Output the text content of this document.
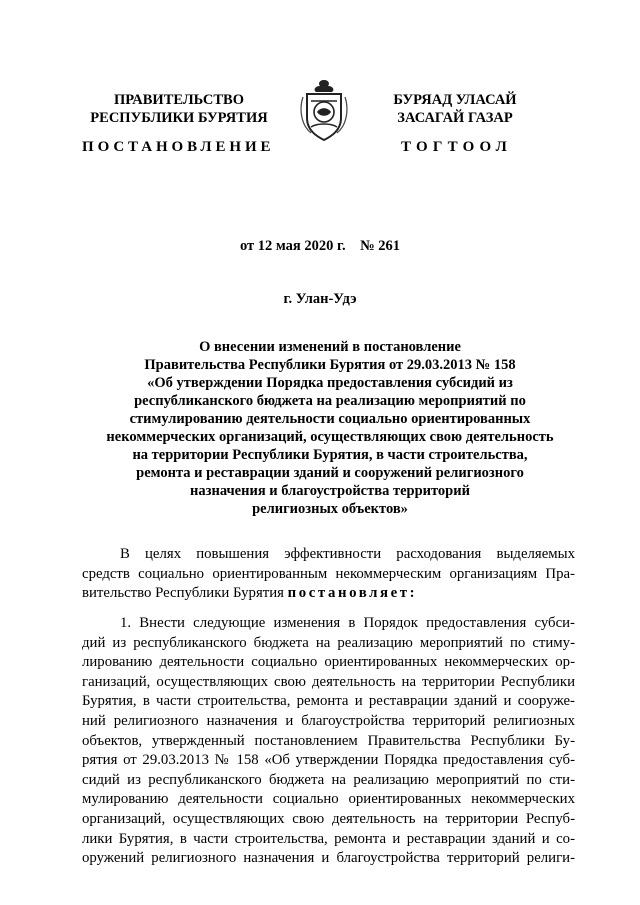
ПРАВИТЕЛЬСТВО
РЕСПУБЛИКИ БУРЯТИЯ
БУРЯАД УЛАСАЙ
ЗАСАГАЙ ГАЗАР
ПОСТАНОВЛЕНИЕ	ТОГТООЛ
от 12 мая 2020 г.    № 261
г. Улан-Удэ
О внесении изменений в постановление
Правительства Республики Бурятия от 29.03.2013 № 158
«Об утверждении Порядка предоставления субсидий из
республиканского бюджета на реализацию мероприятий по
стимулированию деятельности социально ориентированных
некоммерческих организаций, осуществляющих свою деятельность
на территории Республики Бурятия, в части строительства,
ремонта и реставрации зданий и сооружений религиозного
назначения и благоустройства территорий
религиозных объектов»
В целях повышения эффективности расходования выделяемых
средств социально ориентированным некоммерческим организациям Пра-
вительство Республики Бурятия постановляет:
1. Внести следующие изменения в Порядок предоставления субси-
дий из республиканского бюджета на реализацию мероприятий по стиму-
лированию деятельности социально ориентированных некоммерческих ор-
ганизаций, осуществляющих свою деятельность на территории Республики
Бурятия, в части строительства, ремонта и реставрации зданий и сооруже-
ний религиозного назначения и благоустройства территорий религиозных
объектов, утвержденный постановлением Правительства Республики Бу-
рятия от 29.03.2013 № 158 «Об утверждении Порядка предоставления суб-
сидий из республиканского бюджета на реализацию мероприятий по сти-
мулированию деятельности социально ориентированных некоммерческих
организаций, осуществляющих свою деятельность на территории Респуб-
лики Бурятия, в части строительства, ремонта и реставрации зданий и со-
оружений религиозного назначения и благоустройства территорий религи-
